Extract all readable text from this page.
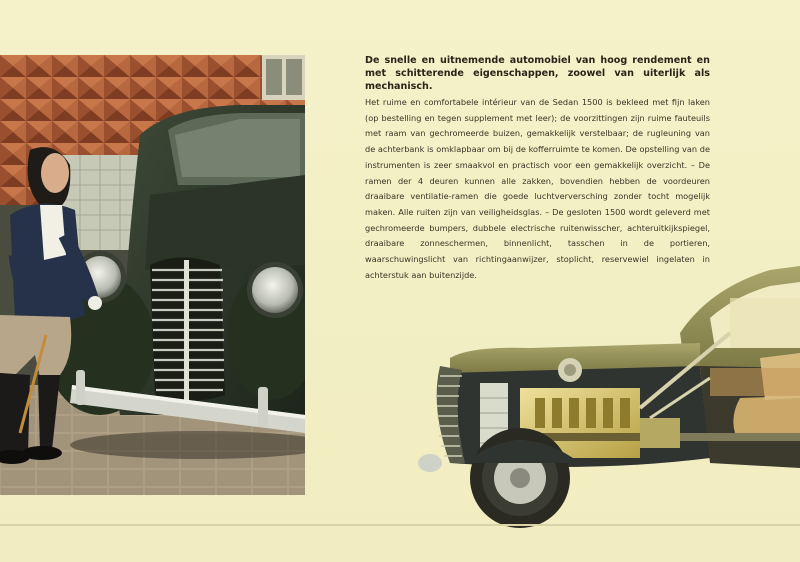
De snelle en uitnemende automobiel van hoog rendement en met schitterende eigenschappen, zoowel van uiterlijk als mechanisch.
Het ruime en comfortabele intérieur van de Sedan 1500 is bekleed met fijn laken (op bestelling en tegen supplement met leer); de voorzittingen zijn ruime fauteuils met raam van gechromeerde buizen, gemakkelijk verstelbaar; de rugleuning van de achterbank is omklapbaar om bij de kofferruimte te komen. De opstelling van de instrumenten is zeer smaakvol en practisch voor een gemakkelijk overzicht. – De ramen der 4 deuren kunnen alle zakken, bovendien hebben de voordeuren draaibare ventilatie-ramen die goede luchtverversching zonder tocht mogelijk maken. Alle ruiten zijn van veiligheidsglas. – De gesloten 1500 wordt geleverd met gechromeerde bumpers, dubbele electrische ruitenwisscher, achteruitkijkspiegel, draaibare zonneschermen, binnenlicht, tasschen in de portieren, waarschuwingslicht van richtingaanwijzer, stoplicht, reservewiel ingelaten in achterstuk aan buitenzijde.
